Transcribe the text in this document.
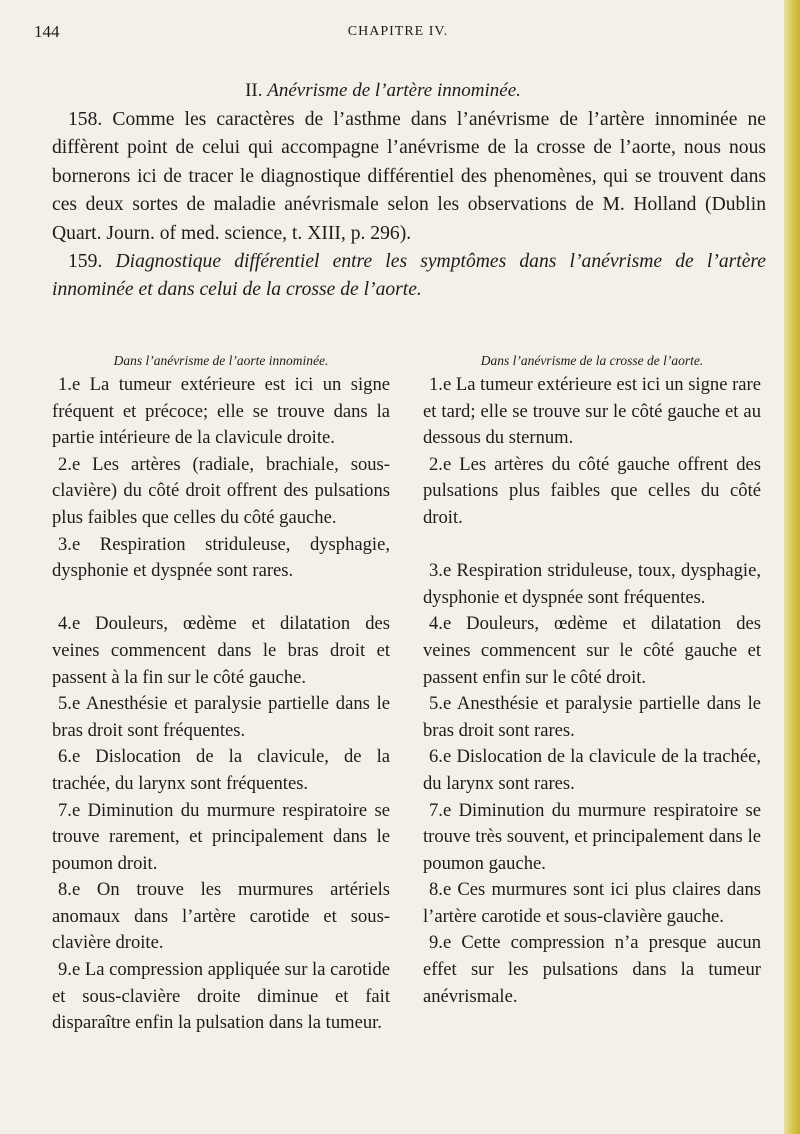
144	CHAPITRE IV.
II. Anévrisme de l’artère innominée.

158. Comme les caractères de l’asthme dans l’anévrisme de l’artère innominée ne diffèrent point de celui qui accompagne l’anévrisme de la crosse de l’aorte, nous nous bornerons ici de tracer le diagnostique différentiel des phenomènes, qui se trouvent dans ces deux sortes de maladie anévrismale selon les observations de M. Holland (Dublin Quart. Journ. of med. science, t. XIII, p. 296).

159. Diagnostique différentiel entre les symptômes dans l’anévrisme de l’artère innominée et dans celui de la crosse de l’aorte.

Dans l’anévrisme de l’aorte innominée.

1.e La tumeur extérieure est ici un signe fréquent et précoce; elle se trouve dans la partie intérieure de la clavicule droite.

2.e Les artères (radiale, brachiale, sous-clavière) du côté droit offrent des pulsations plus faibles que celles du côté gauche.

3.e Respiration striduleuse, dysphagie, dysphonie et dyspnée sont rares.

4.e Douleurs, œdème et dilatation des veines commencent dans le bras droit et passent à la fin sur le côté gauche.

5.e Anesthésie et paralysie partielle dans le bras droit sont fréquentes.

6.e Dislocation de la clavicule, de la trachée, du larynx sont fréquentes.

7.e Diminution du murmure respiratoire se trouve rarement, et principalement dans le poumon droit.

8.e On trouve les murmures artériels anomaux dans l’artère carotide et sous-clavière droite.

9.e La compression appliquée sur la carotide et sous-clavière droite diminue et fait disparaître enfin la pulsation dans la tumeur.

Dans l’anévrisme de la crosse de l’aorte.

1.e La tumeur extérieure est ici un signe rare et tard; elle se trouve sur le côté gauche et au dessous du sternum.

2.e Les artères du côté gauche offrent des pulsations plus faibles que celles du côté droit.

3.e Respiration striduleuse, toux, dysphagie, dysphonie et dyspnée sont fréquentes.

4.e Douleurs, œdème et dilatation des veines commencent sur le côté gauche et passent enfin sur le côté droit.

5.e Anesthésie et paralysie partielle dans le bras droit sont rares.

6.e Dislocation de la clavicule de la trachée, du larynx sont rares.

7.e Diminution du murmure respiratoire se trouve très souvent, et principalement dans le poumon gauche.

8.e Ces murmures sont ici plus claires dans l’artère carotide et sous-clavière gauche.

9.e Cette compression n’a presque aucun effet sur les pulsations dans la tumeur anévrismale.
